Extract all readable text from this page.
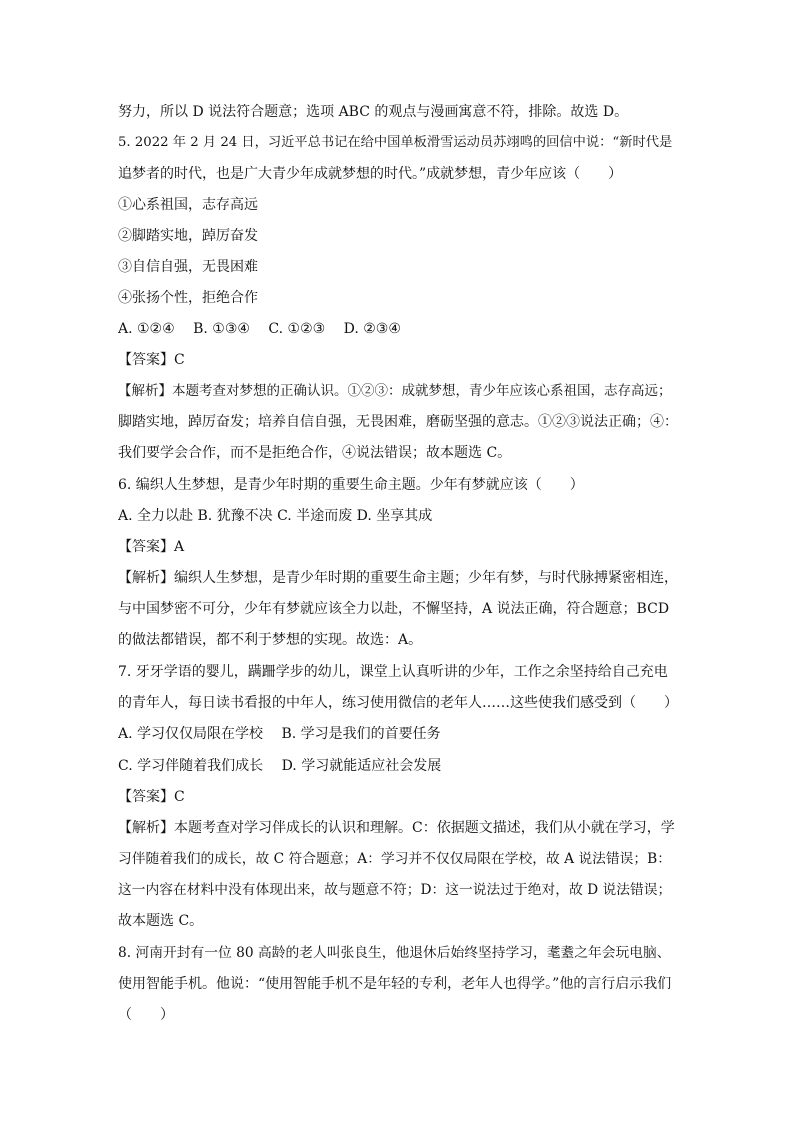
努力，所以 D 说法符合题意；选项 ABC 的观点与漫画寓意不符，排除。故选 D。
5. 2022 年 2 月 24 日，习近平总书记在给中国单板滑雪运动员苏翊鸣的回信中说：“新时代是
追梦者的时代，也是广大青少年成就梦想的时代。”成就梦想，青少年应该（　　）
①心系祖国，志存高远
②脚踏实地，踔厉奋发
③自信自强，无畏困难
④张扬个性，拒绝合作
A. ①②④　 B. ①③④　 C. ①②③　 D. ②③④
【答案】C
【解析】本题考查对梦想的正确认识。①②③：成就梦想，青少年应该心系祖国，志存高远；
脚踏实地，踔厉奋发；培养自信自强，无畏困难，磨砺坚强的意志。①②③说法正确；④：
我们要学会合作，而不是拒绝合作，④说法错误；故本题选 C。
6. 编织人生梦想，是青少年时期的重要生命主题。少年有梦就应该（　　）
A. 全力以赴 B. 犹豫不决 C. 半途而废 D. 坐享其成
【答案】A
【解析】编织人生梦想，是青少年时期的重要生命主题；少年有梦，与时代脉搏紧密相连，
与中国梦密不可分，少年有梦就应该全力以赴，不懈坚持，A 说法正确，符合题意；BCD
的做法都错误，都不利于梦想的实现。故选：A。
7. 牙牙学语的婴儿，蹒跚学步的幼儿，课堂上认真听讲的少年，工作之余坚持给自己充电
的青年人，每日读书看报的中年人，练习使用微信的老年人……这些使我们感受到（　　）
A. 学习仅仅局限在学校　 B. 学习是我们的首要任务
C. 学习伴随着我们成长　 D. 学习就能适应社会发展
【答案】C
【解析】本题考查对学习伴成长的认识和理解。C：依据题文描述，我们从小就在学习，学
习伴随着我们的成长，故 C 符合题意；A：学习并不仅仅局限在学校，故 A 说法错误；B：
这一内容在材料中没有体现出来，故与题意不符；D：这一说法过于绝对，故 D 说法错误；
故本题选 C。
8. 河南开封有一位 80 高龄的老人叫张良生，他退休后始终坚持学习，耄耋之年会玩电脑、
使用智能手机。他说：“使用智能手机不是年轻的专利，老年人也得学。”他的言行启示我们
（　　）
